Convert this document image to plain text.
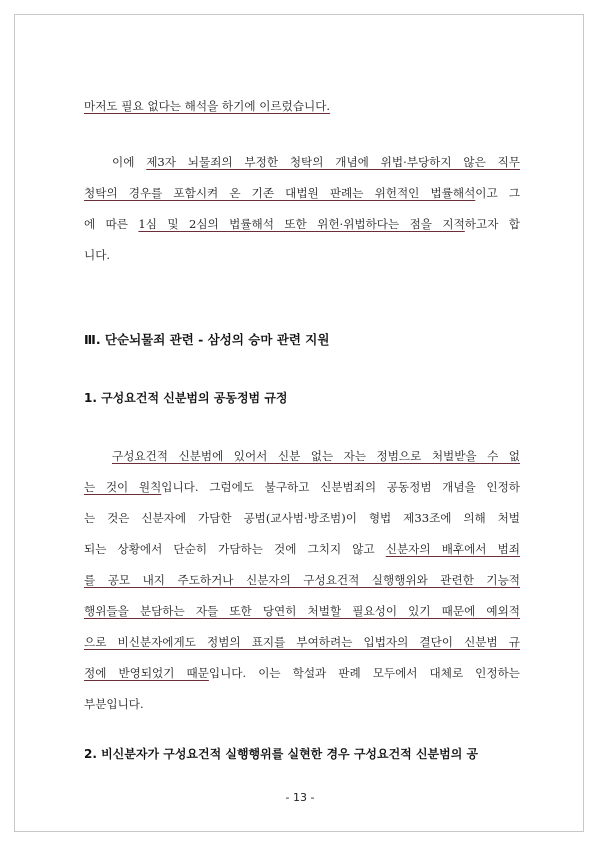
마저도 필요 없다는 해석을 하기에 이르렀습니다.
이에 제3자 뇌물죄의 부정한 청탁의 개념에 위법·부당하지 않은 직무
청탁의 경우를 포함시켜 온 기존 대법원 판례는 위헌적인 법률해석이고 그
에 따른 1심 및 2심의 법률해석 또한 위헌·위법하다는 점을 지적하고자 합
니다.
Ⅲ. 단순뇌물죄 관련 - 삼성의 승마 관련 지원
1. 구성요건적 신분범의 공동정범 규정
구성요건적 신분범에 있어서 신분 없는 자는 정범으로 처벌받을 수 없
는 것이 원칙입니다. 그럼에도 불구하고 신분범죄의 공동정범 개념을 인정하
는 것은 신분자에 가담한 공범(교사범·방조범)이 형법 제33조에 의해 처벌
되는 상황에서 단순히 가담하는 것에 그치지 않고 신분자의 배후에서 범죄
를 공모 내지 주도하거나 신분자의 구성요건적 실행행위와 관련한 기능적
행위들을 분담하는 자들 또한 당연히 처벌할 필요성이 있기 때문에 예외적
으로 비신분자에게도 정범의 표지를 부여하려는 입법자의 결단이 신분범 규
정에 반영되었기 때문입니다. 이는 학설과 판례 모두에서 대체로 인정하는
부분입니다.
2. 비신분자가 구성요건적 실행행위를 실현한 경우 구성요건적 신분범의 공
- 13 -
